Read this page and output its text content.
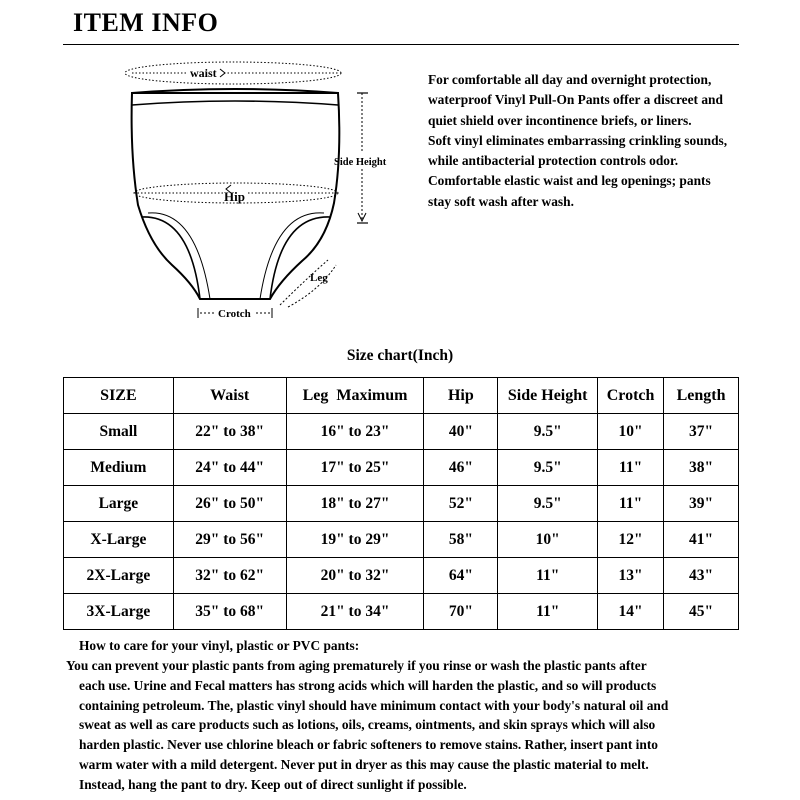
ITEM INFO
waist
Hip
Side Height
Leg
Crotch

For comfortable all day and overnight protection, waterproof Vinyl Pull-On Pants offer a discreet and quiet shield over incontinence briefs, or liners.

Soft vinyl eliminates embarrassing crinkling sounds, while antibacterial protection controls odor. Comfortable elastic waist and leg openings; pants stay soft wash after wash.

Size chart(Inch)
SIZE	Waist	Leg  Maximum	Hip	Side Height	Crotch	Length
Small	22" to 38"	16" to 23"	40"	9.5"	10"	37"
Medium	24" to 44"	17" to 25"	46"	9.5"	11"	38"
Large	26" to 50"	18" to 27"	52"	9.5"	11"	39"
X-Large	29" to 56"	19" to 29"	58"	10"	12"	41"
2X-Large	32" to 62"	20" to 32"	64"	11"	13"	43"
3X-Large	35" to 68"	21" to 34"	70"	11"	14"	45"
How to care for your vinyl, plastic or PVC pants:
You can prevent your plastic pants from aging prematurely if you rinse or wash the plastic pants after
each use. Urine and Fecal matters has strong acids which will harden the plastic, and so will products
containing petroleum. The, plastic vinyl should have minimum contact with your body's natural oil and
sweat as well as care products such as lotions, oils, creams, ointments, and skin sprays which will also
harden plastic. Never use chlorine bleach or fabric softeners to remove stains. Rather, insert pant into
warm water with a mild detergent. Never put in dryer as this may cause the plastic material to melt.
Instead, hang the pant to dry. Keep out of direct sunlight if possible.
